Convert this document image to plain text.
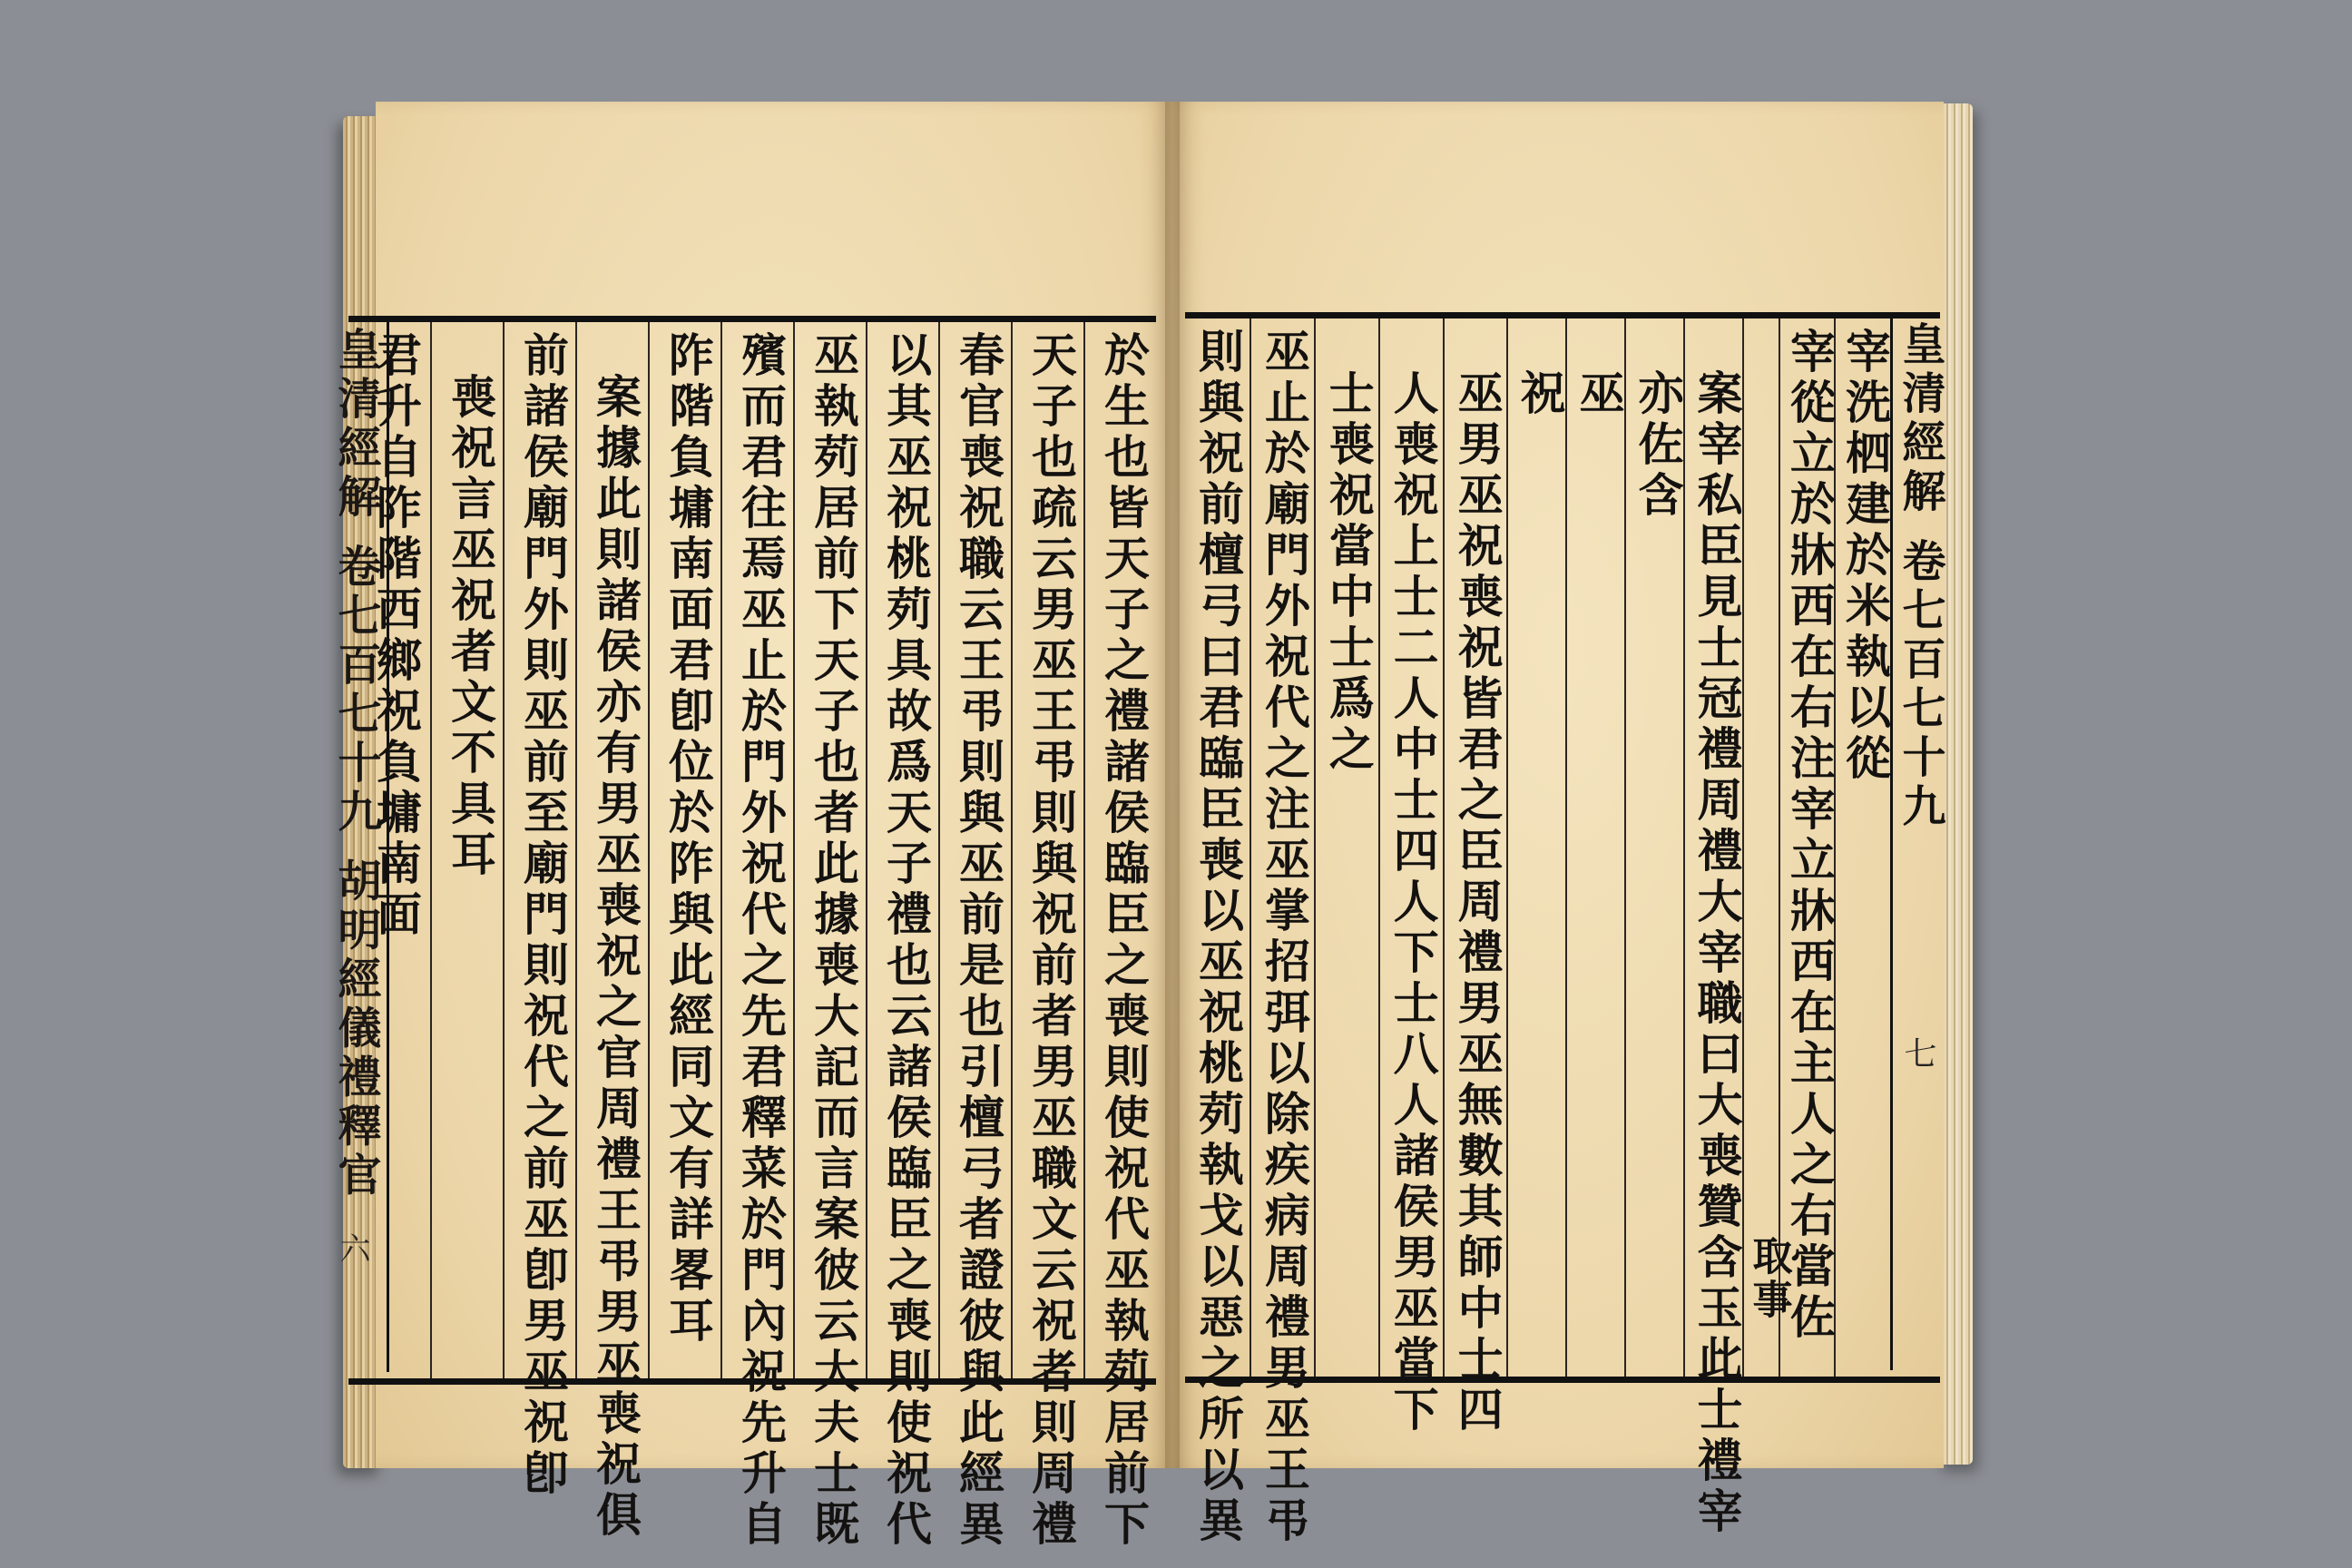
皇清經解 卷七百七十九 胡明經儀禮釋官
六	於生也皆天子之禮諸侯臨臣之喪則使祝代巫執茢居前下
天子也疏云男巫王弔則與祝前者男巫職文云祝者則周禮
春官喪祝職云王弔則與巫前是也引檀弓者證彼與此經異
以其巫祝桃茢具故爲天子禮也云諸侯臨臣之喪則使祝代
巫執茢居前下天子也者此據喪大記而言案彼云大夫士既
殯而君往焉巫止於門外祝代之先君釋菜於門內祝先升自
阼階負墉南面君卽位於阼與此經同文有詳畧耳
案據此則諸侯亦有男巫喪祝之官周禮王弔男巫喪祝俱
前諸侯廟門外則巫前至廟門則祝代之前巫卽男巫祝卽
喪祝言巫祝者文不具耳
君升自阼階西鄉祝負墉南面	皇清經解 卷七百七十九
七
宰洗柶建於米執以從
宰從立於牀西在右注宰立牀西在主人之右當佐
取事
案宰私臣見士冠禮周禮大宰職曰大喪贊含玉此士禮宰
亦佐含
巫
祝
巫男巫祝喪祝皆君之臣周禮男巫無數其師中士四
人喪祝上士二人中士四人下士八人諸侯男巫當下
士喪祝當中士爲之
巫止於廟門外祝代之注巫掌招弭以除疾病周禮男巫王弔
則與祝前檀弓曰君臨臣喪以巫祝桃茢執戈以惡之所以異
